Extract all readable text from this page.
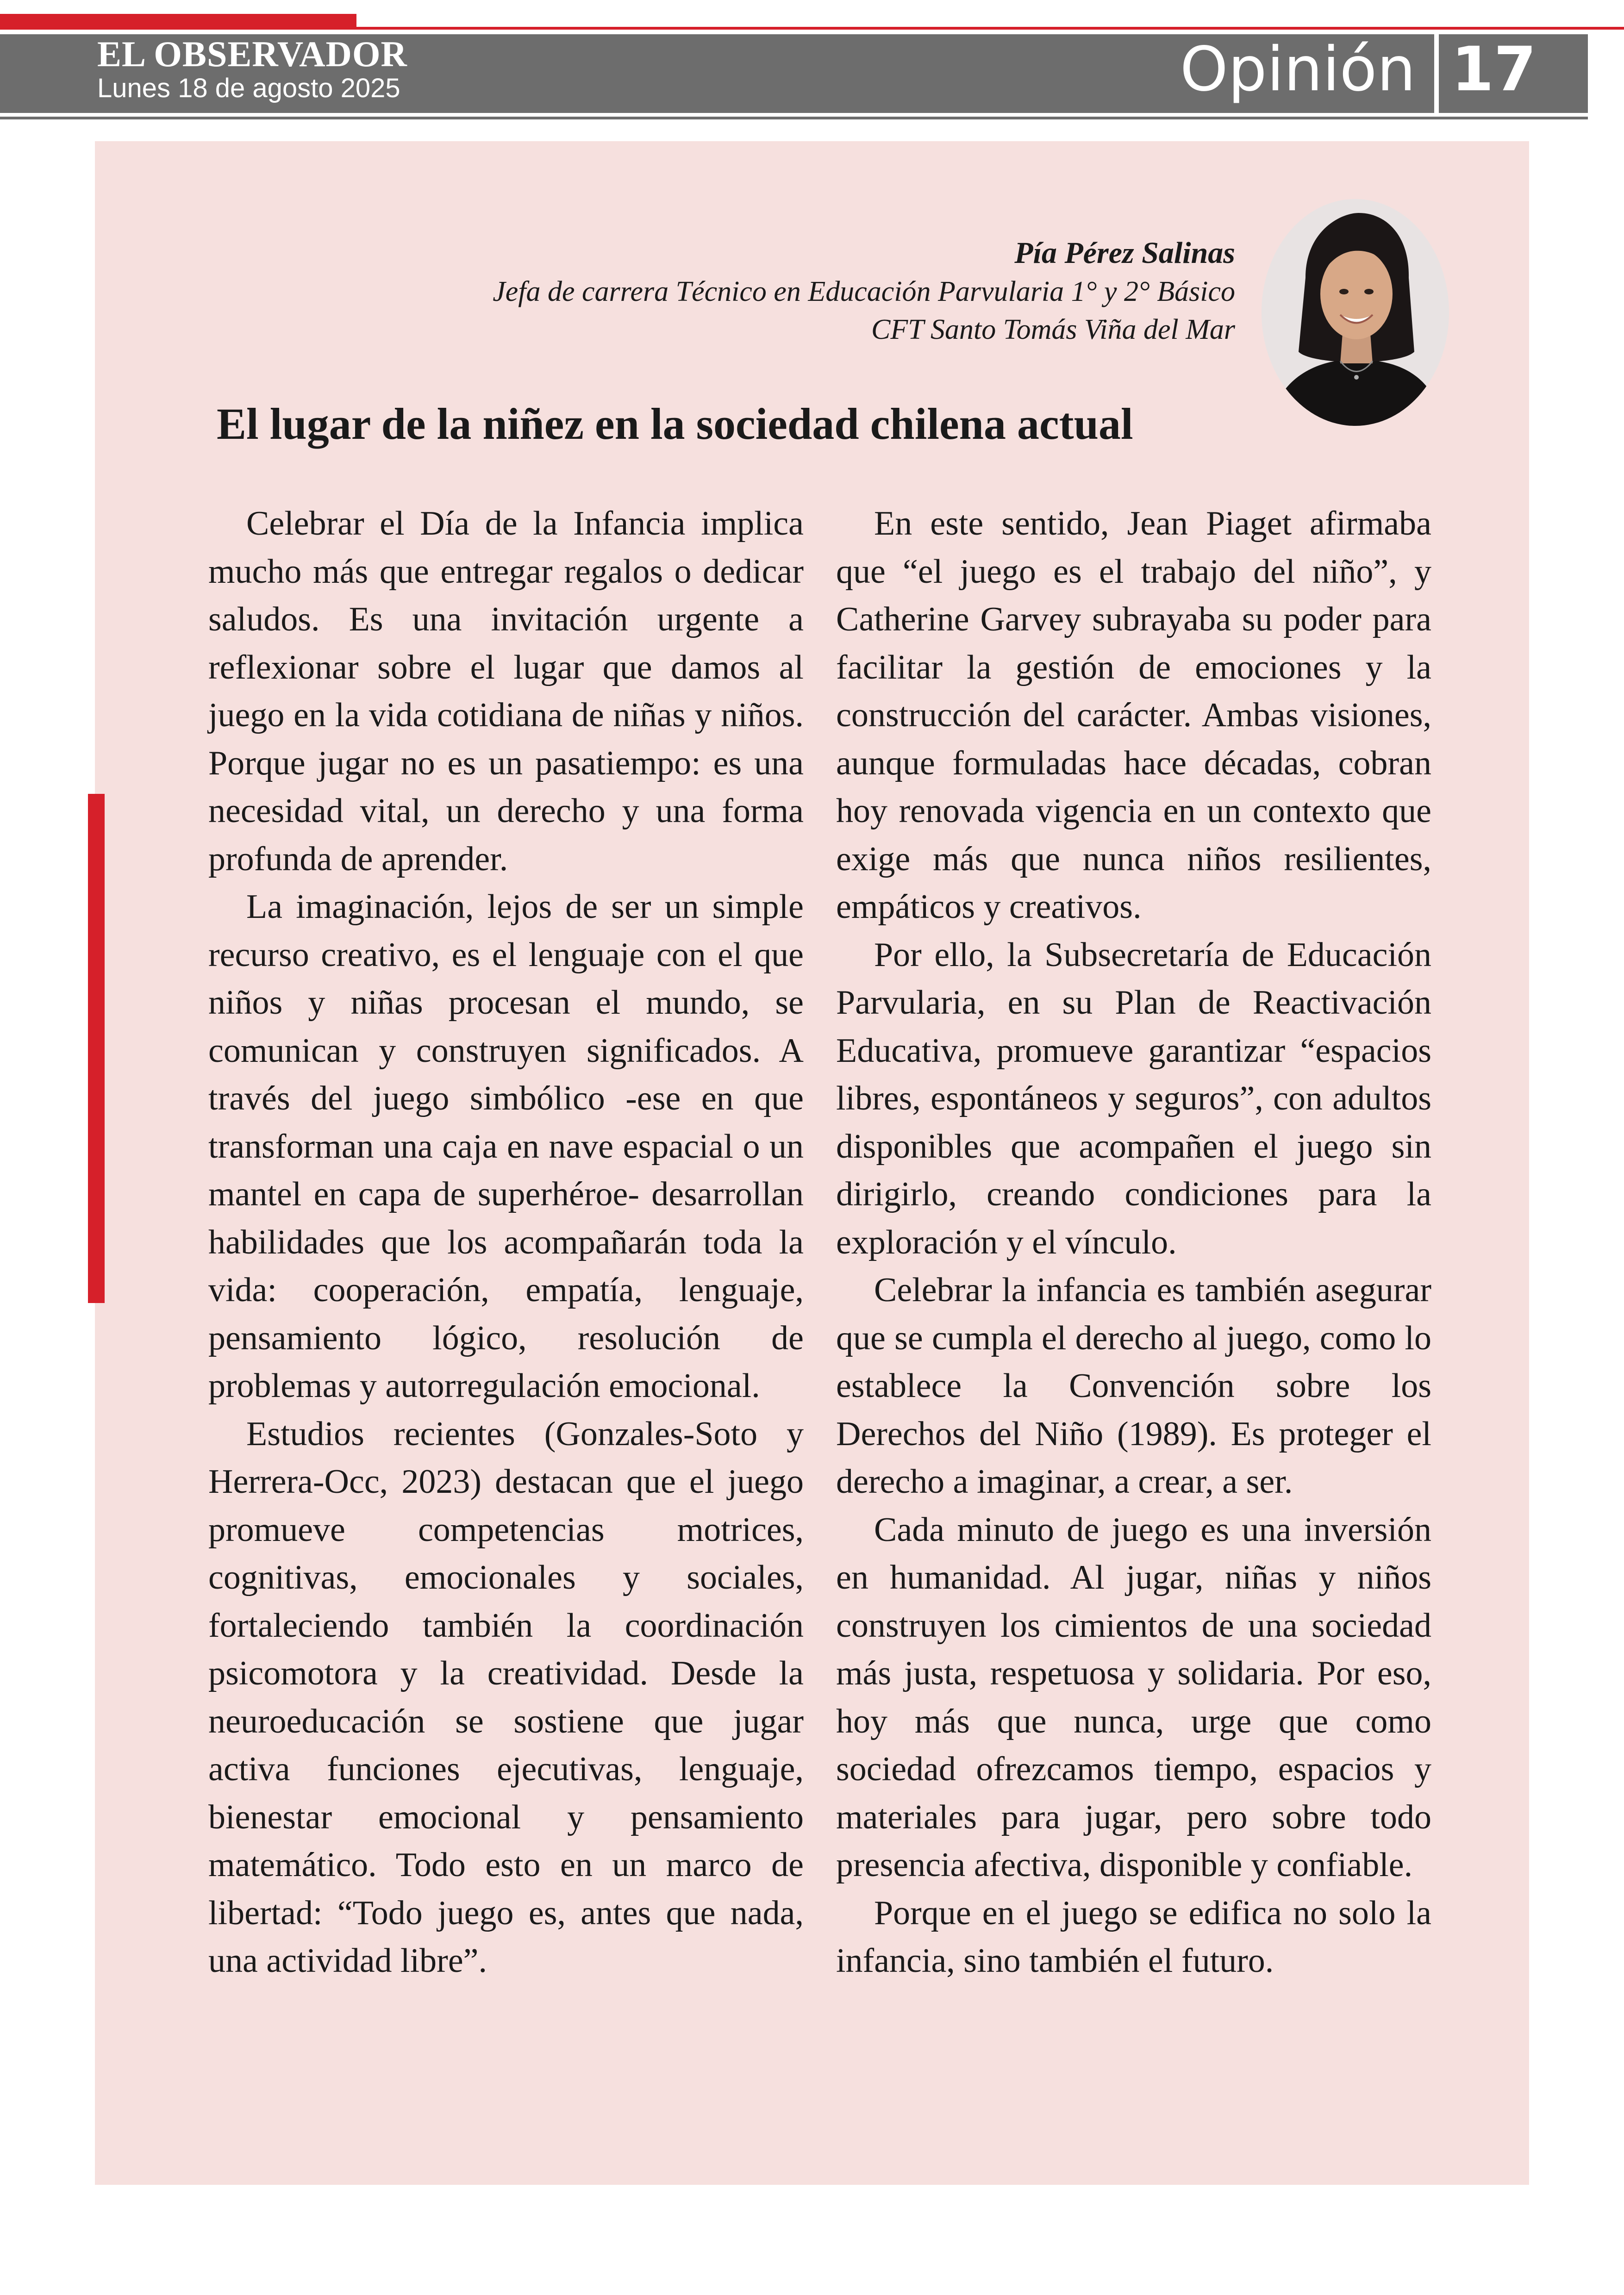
EL OBSERVADOR
Lunes 18 de agosto 2025	Opinión 17
Pía Pérez Salinas
Jefa de carrera Técnico en Educación Parvularia 1° y 2° Básico
CFT Santo Tomás Viña del Mar
El lugar de la niñez en la sociedad chilena actual

Celebrar el Día de la Infancia implica mucho más que entregar regalos o dedicar saludos. Es una invitación urgente a reflexionar sobre el lugar que damos al juego en la vida cotidiana de niñas y niños. Porque jugar no es un pasatiempo: es una necesidad vital, un derecho y una forma profunda de aprender.

La imaginación, lejos de ser un simple recurso creativo, es el lenguaje con el que niños y niñas procesan el mundo, se comunican y construyen significados. A través del juego simbólico -ese en que transforman una caja en nave espacial o un mantel en capa de superhéroe- desarrollan habilidades que los acompañarán toda la vida: cooperación, empatía, lenguaje, pensamiento lógico, resolución de problemas y autorregulación emocional.

Estudios recientes (Gonzales-Soto y Herrera-Occ, 2023) destacan que el juego promueve competencias motrices, cognitivas, emocionales y sociales, fortaleciendo también la coordinación psicomotora y la creatividad. Desde la neuroeducación se sostiene que jugar activa funciones ejecutivas, lenguaje, bienestar emocional y pensamiento matemático. Todo esto en un marco de libertad: “Todo juego es, antes que nada, una actividad libre”.

En este sentido, Jean Piaget afirmaba que “el juego es el trabajo del niño”, y Catherine Garvey subrayaba su poder para facilitar la gestión de emociones y la construcción del carácter. Ambas visiones, aunque formuladas hace décadas, cobran hoy renovada vigencia en un contexto que exige más que nunca niños resilientes, empáticos y creativos.

Por ello, la Subsecretaría de Educación Parvularia, en su Plan de Reactivación Educativa, promueve garantizar “espacios libres, espontáneos y seguros”, con adultos disponibles que acompañen el juego sin dirigirlo, creando condiciones para la exploración y el vínculo.

Celebrar la infancia es también asegurar que se cumpla el derecho al juego, como lo establece la Convención sobre los Derechos del Niño (1989). Es proteger el derecho a imaginar, a crear, a ser.

Cada minuto de juego es una inversión en humanidad. Al jugar, niñas y niños construyen los cimientos de una sociedad más justa, respetuosa y solidaria. Por eso, hoy más que nunca, urge que como sociedad ofrezcamos tiempo, espacios y materiales para jugar, pero sobre todo presencia afectiva, disponible y confiable.

Porque en el juego se edifica no solo la infancia, sino también el futuro.
